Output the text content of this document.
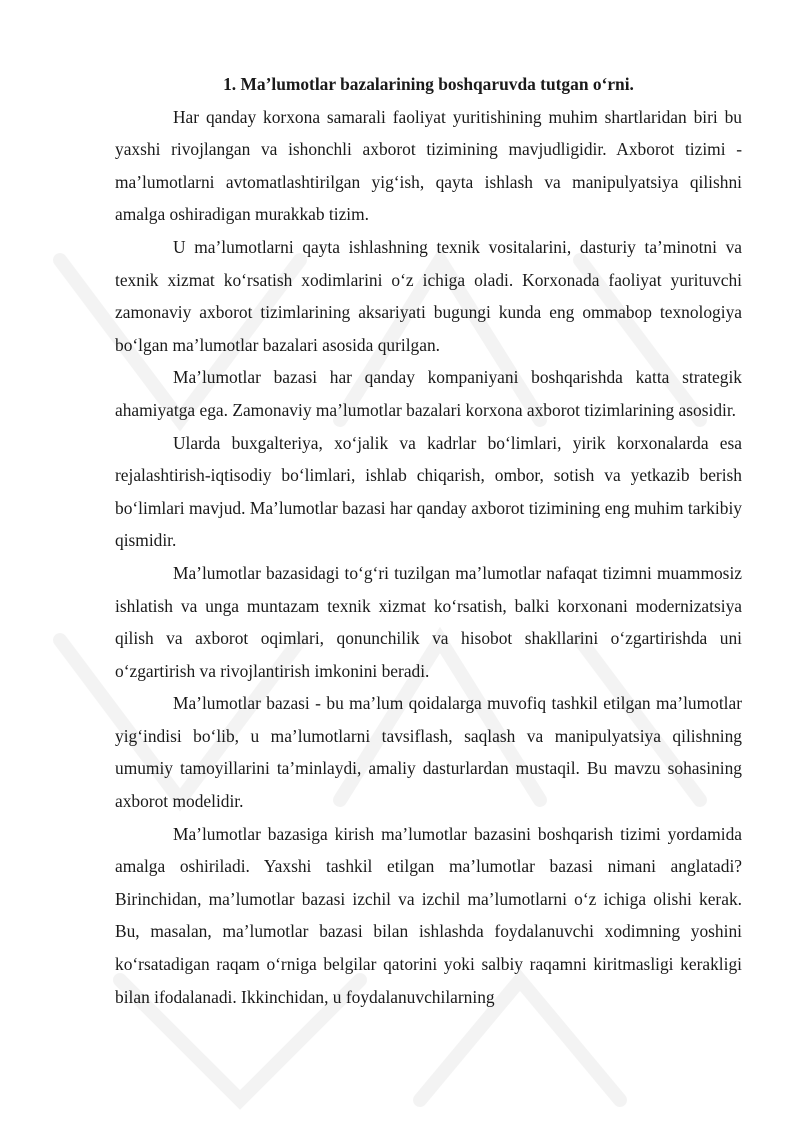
1. Ma’lumotlar bazalarining boshqaruvda tutgan o‘rni.

Har qanday korxona samarali faoliyat yuritishining muhim shartlaridan biri bu yaxshi rivojlangan va ishonchli axborot tizimining mavjudligidir. Axborot tizimi - ma’lumotlarni avtomatlashtirilgan yig‘ish, qayta ishlash va manipulyatsiya qilishni amalga oshiradigan murakkab tizim.

U ma’lumotlarni qayta ishlashning texnik vositalarini, dasturiy ta’minotni va texnik xizmat ko‘rsatish xodimlarini o‘z ichiga oladi. Korxonada faoliyat yurituvchi zamonaviy axborot tizimlarining aksariyati bugungi kunda eng ommabop texnologiya bo‘lgan ma’lumotlar bazalari asosida qurilgan.

Ma’lumotlar bazasi har qanday kompaniyani boshqarishda katta strategik ahamiyatga ega. Zamonaviy ma’lumotlar bazalari korxona axborot tizimlarining asosidir.

Ularda buxgalteriya, xo‘jalik va kadrlar bo‘limlari, yirik korxonalarda esa rejalashtirish-iqtisodiy bo‘limlari, ishlab chiqarish, ombor, sotish va yetkazib berish bo‘limlari mavjud. Ma’lumotlar bazasi har qanday axborot tizimining eng muhim tarkibiy qismidir.

Ma’lumotlar bazasidagi to‘g‘ri tuzilgan ma’lumotlar nafaqat tizimni muammosiz ishlatish va unga muntazam texnik xizmat ko‘rsatish, balki korxonani modernizatsiya qilish va axborot oqimlari, qonunchilik va hisobot shakllarini o‘zgartirishda uni o‘zgartirish va rivojlantirish imkonini beradi.

Ma’lumotlar bazasi - bu ma’lum qoidalarga muvofiq tashkil etilgan ma’lumotlar yig‘indisi bo‘lib, u ma’lumotlarni tavsiflash, saqlash va manipulyatsiya qilishning umumiy tamoyillarini ta’minlaydi, amaliy dasturlardan mustaqil. Bu mavzu sohasining axborot modelidir.

Ma’lumotlar bazasiga kirish ma’lumotlar bazasini boshqarish tizimi yordamida amalga oshiriladi. Yaxshi tashkil etilgan ma’lumotlar bazasi nimani anglatadi? Birinchidan, ma’lumotlar bazasi izchil va izchil ma’lumotlarni o‘z ichiga olishi kerak. Bu, masalan, ma’lumotlar bazasi bilan ishlashda foydalanuvchi xodimning yoshini ko‘rsatadigan raqam o‘rniga belgilar qatorini yoki salbiy raqamni kiritmasligi kerakligi bilan ifodalanadi. Ikkinchidan, u foydalanuvchilarning
